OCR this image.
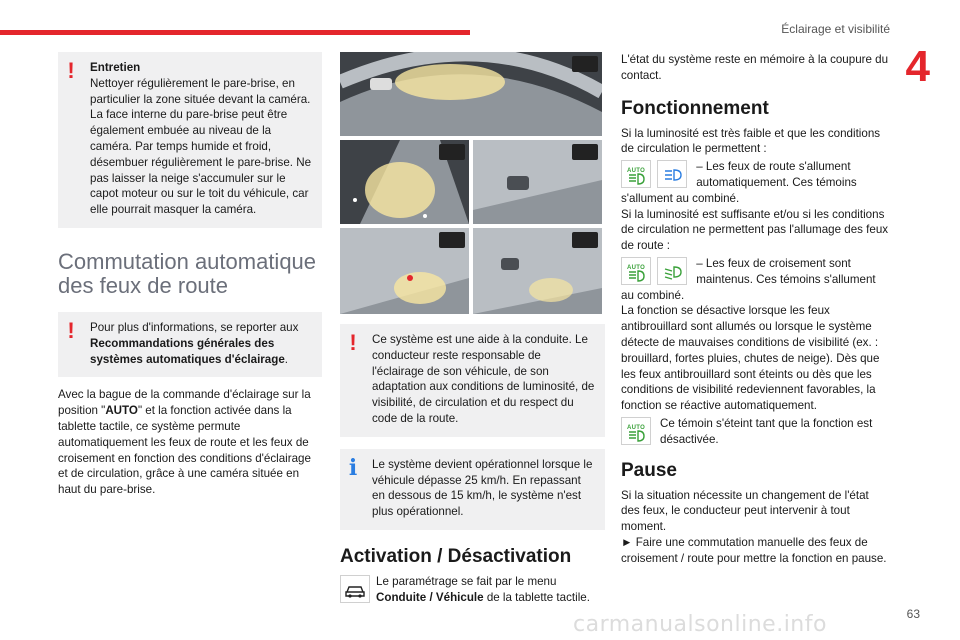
Éclairage et visibilité
4
!	Entretien
Nettoyer régulièrement le pare-brise, en particulier la zone située devant la caméra. La face interne du pare-brise peut être également embuée au niveau de la caméra. Par temps humide et froid, désembuer régulièrement le pare-brise. Ne pas laisser la neige s'accumuler sur le capot moteur ou sur le toit du véhicule, car elle pourrait masquer la caméra.
Commutation automatique des feux de route
!	Pour plus d'informations, se reporter aux Recommandations générales des systèmes automatiques d'éclairage.

Avec la bague de la commande d'éclairage sur la position "AUTO" et la fonction activée dans la tablette tactile, ce système permute automatiquement les feux de route et les feux de croisement en fonction des conditions d'éclairage et de circulation, grâce à une caméra située en haut du pare-brise.

!	Ce système est une aide à la conduite. Le conducteur reste responsable de l'éclairage de son véhicule, de son adaptation aux conditions de luminosité, de visibilité, de circulation et du respect du code de la route.
i	Le système devient opérationnel lorsque le véhicule dépasse 25 km/h. En repassant en dessous de 15 km/h, le système n'est plus opérationnel.
Activation / Désactivation
Le paramétrage se fait par le menu Conduite / Véhicule de la tablette tactile.

L'état du système reste en mémoire à la coupure du contact.

Fonctionnement

Si la luminosité est très faible et que les conditions de circulation le permettent :

AUTO
	– Les feux de route s'allument automatiquement. Ces témoins s'allument au combiné.

Si la luminosité est suffisante et/ou si les conditions de circulation ne permettent pas l'allumage des feux de route :

AUTO
	– Les feux de croisement sont maintenus. Ces témoins s'allument au combiné.

La fonction se désactive lorsque les feux antibrouillard sont allumés ou lorsque le système détecte de mauvaises conditions de visibilité (ex. : brouillard, fortes pluies, chutes de neige). Dès que les feux antibrouillard sont éteints ou dès que les conditions de visibilité redeviennent favorables, la fonction se réactive automatiquement.

AUTO Ce témoin s'éteint tant que la fonction est désactivée.
Pause

Si la situation nécessite un changement de l'état des feux, le conducteur peut intervenir à tout moment.

► Faire une commutation manuelle des feux de croisement / route pour mettre la fonction en pause.

carmanualsonline.info	63
